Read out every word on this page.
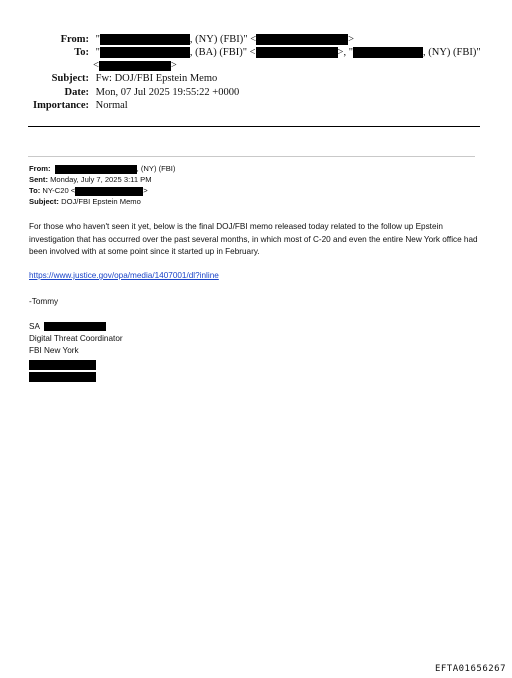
From: "	, (NY) (FBI)" <	>
To: "	, (BA) (FBI)" <	>, "	, (NY) (FBI)"
<	>
Subject: Fw: DOJ/FBI Epstein Memo
Date: Mon, 07 Jul 2025 19:55:22 +0000
Importance: Normal
From:	, (NY) (FBI)
Sent: Monday, July 7, 2025 3:11 PM
To: NY-C20 <	>
Subject: DOJ/FBI Epstein Memo
For those who haven't seen it yet, below is the final DOJ/FBI memo released today related to the follow up Epstein investigation that has occurred over the past several months, in which most of C-20 and even the entire New York office had been involved with at some point since it started up in February.
https://www.justice.gov/opa/media/1407001/dl?inline
-Tommy
SA
Digital Threat Coordinator
FBI New York
EFTA01656267
